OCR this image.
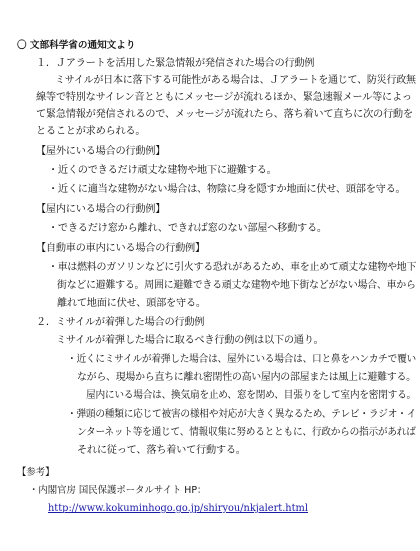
〇 文部科学省の通知文より
１．Ｊアラートを活用した緊急情報が発信された場合の行動例
ミサイルが日本に落下する可能性がある場合は、Ｊアラートを通じて、防災行政無
線等で特別なサイレン音とともにメッセージが流れるほか、緊急速報メール等によっ
て緊急情報が発信されるので、メッセージが流れたら、落ち着いて直ちに次の行動を
とることが求められる。
【屋外にいる場合の行動例】
・近くのできるだけ頑丈な建物や地下に避難する。
・近くに適当な建物がない場合は、物陰に身を隠すか地面に伏せ、頭部を守る。
【屋内にいる場合の行動例】
・できるだけ窓から離れ、できれば窓のない部屋へ移動する。
【自動車の車内にいる場合の行動例】
・車は燃料のガソリンなどに引火する恐れがあるため、車を止めて頑丈な建物や地下
街などに避難する。周囲に避難できる頑丈な建物や地下街などがない場合、車から
離れて地面に伏せ、頭部を守る。
２．ミサイルが着弾した場合の行動例
ミサイルが着弾した場合に取るべき行動の例は以下の通り。
・近くにミサイルが着弾した場合は、屋外にいる場合は、口と鼻をハンカチで覆い
ながら、現場から直ちに離れ密閉性の高い屋内の部屋または風上に避難する。
屋内にいる場合は、換気扇を止め、窓を閉め、目張りをして室内を密閉する。
・弾頭の種類に応じて被害の様相や対応が大きく異なるため、テレビ・ラジオ・イ
ンターネット等を通じて、情報収集に努めるとともに、行政からの指示があれば
それに従って、落ち着いて行動する。
【参考】
・内閣官房 国民保護ポータルサイト HP：
http://www.kokuminhogo.go.jp/shiryou/nkjalert.html
